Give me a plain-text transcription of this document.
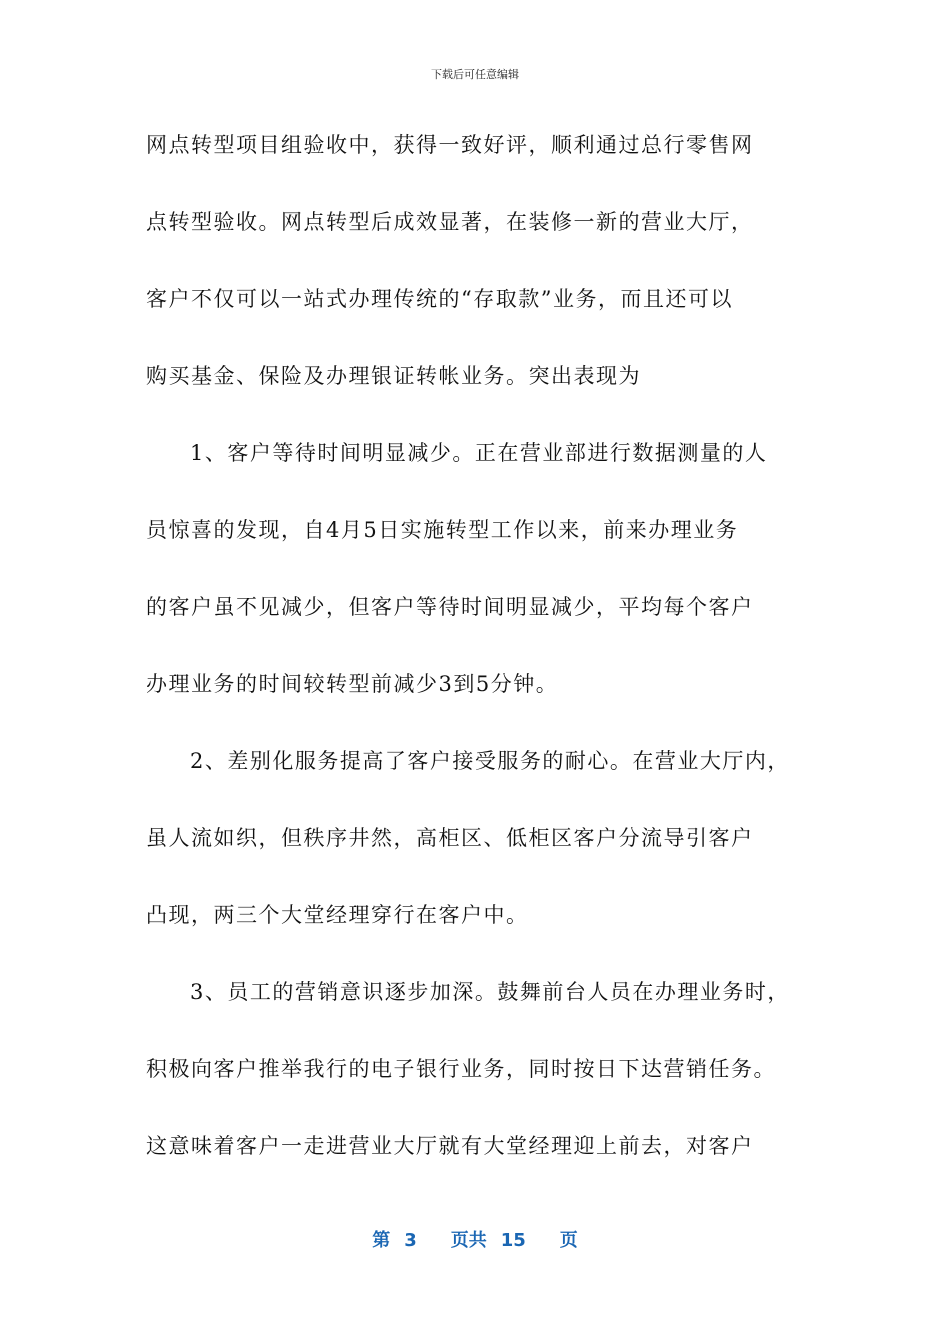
下载后可任意编辑
网点转型项目组验收中，获得一致好评，顺利通过总行零售网
点转型验收。网点转型后成效显著，在装修一新的营业大厅，
客户不仅可以一站式办理传统的“存取款”业务，而且还可以
购买基金、保险及办理银证转帐业务。突出表现为
1、客户等待时间明显减少。正在营业部进行数据测量的人
员惊喜的发现，自4月5日实施转型工作以来，前来办理业务
的客户虽不见减少，但客户等待时间明显减少，平均每个客户
办理业务的时间较转型前减少3到5分钟。
2、差别化服务提高了客户接受服务的耐心。在营业大厅内，
虽人流如织，但秩序井然，高柜区、低柜区客户分流导引客户
凸现，两三个大堂经理穿行在客户中。
3、员工的营销意识逐步加深。鼓舞前台人员在办理业务时，
积极向客户推举我行的电子银行业务，同时按日下达营销任务。
这意味着客户一走进营业大厅就有大堂经理迎上前去，对客户
第 3 页共 15 页
